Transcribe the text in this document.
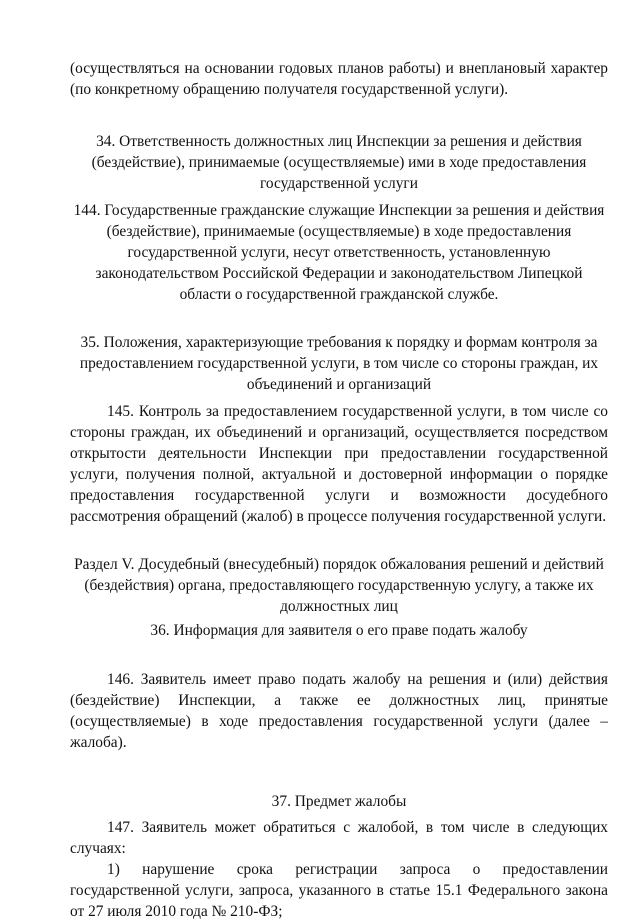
(осуществляться на основании годовых планов работы) и внеплановый характер (по конкретному обращению получателя государственной услуги).

34. Ответственность должностных лиц Инспекции за решения и действия (бездействие), принимаемые (осуществляемые) ими в ходе предоставления государственной услуги

144. Государственные гражданские служащие Инспекции за решения и действия (бездействие), принимаемые (осуществляемые) в ходе предоставления государственной услуги, несут ответственность, установленную законодательством Российской Федерации и законодательством Липецкой области о государственной гражданской службе.

35. Положения, характеризующие требования к порядку и формам контроля за предоставлением государственной услуги, в том числе со стороны граждан, их объединений и организаций

145. Контроль за предоставлением государственной услуги, в том числе со стороны граждан, их объединений и организаций, осуществляется посредством открытости деятельности Инспекции при предоставлении государственной услуги, получения полной, актуальной и достоверной информации о порядке предоставления государственной услуги и возможности досудебного рассмотрения обращений (жалоб) в процессе получения государственной услуги.

Раздел V. Досудебный (внесудебный) порядок обжалования решений и действий (бездействия) органа, предоставляющего государственную услугу, а также их должностных лиц

36. Информация для заявителя о его праве подать жалобу

146. Заявитель имеет право подать жалобу на решения и (или) действия (бездействие) Инспекции, а также ее должностных лиц, принятые (осуществляемые) в ходе предоставления государственной услуги (далее – жалоба).

37. Предмет жалобы

147. Заявитель может обратиться с жалобой, в том числе в следующих случаях:

1) нарушение срока регистрации запроса о предоставлении государственной услуги, запроса, указанного в статье 15.1 Федерального закона от 27 июля 2010 года № 210-ФЗ;
